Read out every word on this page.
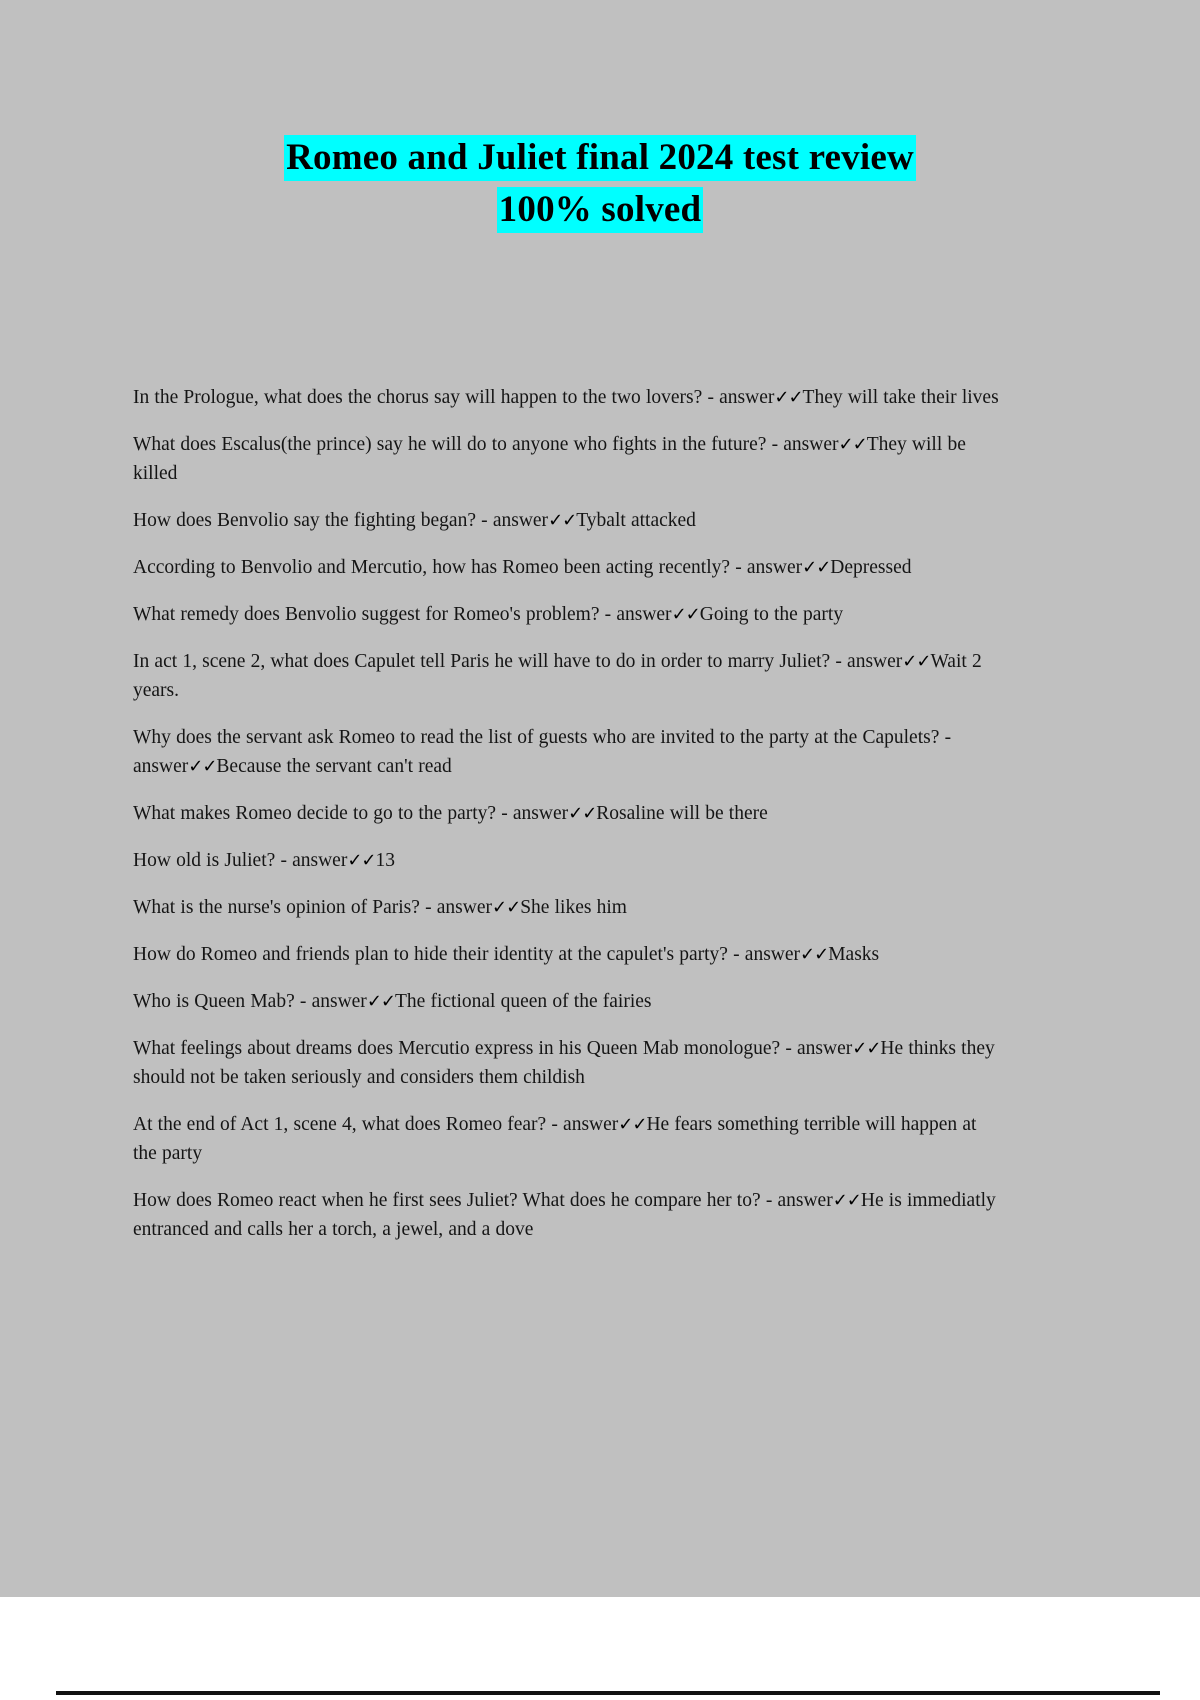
Romeo and Juliet final 2024 test review
100% solved

In the Prologue, what does the chorus say will happen to the two lovers? - answer✓✓They will take their lives

What does Escalus(the prince) say he will do to anyone who fights in the future? - answer✓✓They will be killed

How does Benvolio say the fighting began? - answer✓✓Tybalt attacked

According to Benvolio and Mercutio, how has Romeo been acting recently? - answer✓✓Depressed

What remedy does Benvolio suggest for Romeo's problem? - answer✓✓Going to the party

In act 1, scene 2, what does Capulet tell Paris he will have to do in order to marry Juliet? - answer✓✓Wait 2 years.

Why does the servant ask Romeo to read the list of guests who are invited to the party at the Capulets? - answer✓✓Because the servant can't read

What makes Romeo decide to go to the party? - answer✓✓Rosaline will be there

How old is Juliet? - answer✓✓13

What is the nurse's opinion of Paris? - answer✓✓She likes him

How do Romeo and friends plan to hide their identity at the capulet's party? - answer✓✓Masks

Who is Queen Mab? - answer✓✓The fictional queen of the fairies

What feelings about dreams does Mercutio express in his Queen Mab monologue? - answer✓✓He thinks they should not be taken seriously and considers them childish

At the end of Act 1, scene 4, what does Romeo fear? - answer✓✓He fears something terrible will happen at the party

How does Romeo react when he first sees Juliet? What does he compare her to? - answer✓✓He is immediatly entranced and calls her a torch, a jewel, and a dove
